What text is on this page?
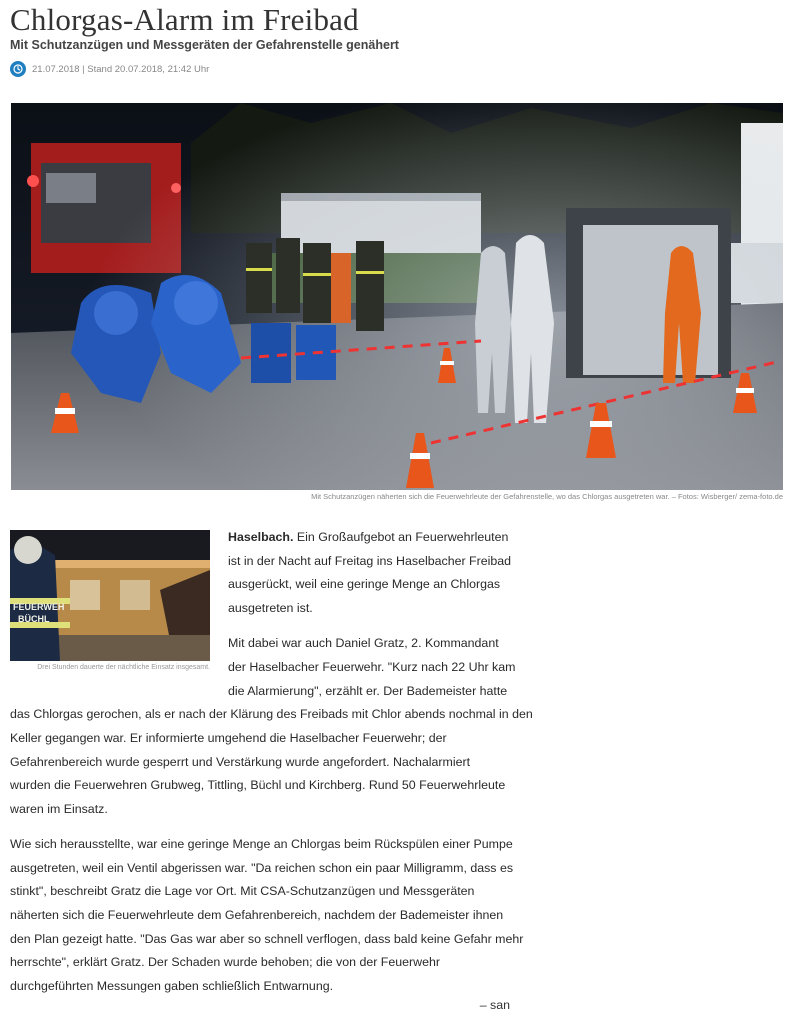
Chlorgas-Alarm im Freibad

Mit Schutzanzügen und Messgeräten der Gefahrenstelle genähert

21.07.2018 | Stand 20.07.2018, 21:42 Uhr

Mit Schutzanzügen näherten sich die Feuerwehrleute der Gefahrenstelle, wo das Chlorgas ausgetreten war. – Fotos: Wisberger/ zema-foto.de

FEUERWEH
BÜCHL

Drei Stunden dauerte der nächtliche Einsatz insgesamt.

Haselbach. Ein Großaufgebot an Feuerwehrleuten

ist in der Nacht auf Freitag ins Haselbacher Freibad

ausgerückt, weil eine geringe Menge an Chlorgas

ausgetreten ist.

Mit dabei war auch Daniel Gratz, 2. Kommandant

der Haselbacher Feuerwehr. "Kurz nach 22 Uhr kam

die Alarmierung", erzählt er. Der Bademeister hatte

das Chlorgas gerochen, als er nach der Klärung des Freibads mit Chlor abends nochmal in den

Keller gegangen war. Er informierte umgehend die Haselbacher Feuerwehr; der

Gefahrenbereich wurde gesperrt und Verstärkung wurde angefordert. Nachalarmiert

wurden die Feuerwehren Grubweg, Tittling, Büchl und Kirchberg. Rund 50 Feuerwehrleute

waren im Einsatz.

Wie sich herausstellte, war eine geringe Menge an Chlorgas beim Rückspülen einer Pumpe

ausgetreten, weil ein Ventil abgerissen war. "Da reichen schon ein paar Milligramm, dass es

stinkt", beschreibt Gratz die Lage vor Ort. Mit CSA-Schutzanzügen und Messgeräten

näherten sich die Feuerwehrleute dem Gefahrenbereich, nachdem der Bademeister ihnen

den Plan gezeigt hatte. "Das Gas war aber so schnell verflogen, dass bald keine Gefahr mehr

herrschte", erklärt Gratz. Der Schaden wurde behoben; die von der Feuerwehr

durchgeführten Messungen gaben schließlich Entwarnung.

– san
